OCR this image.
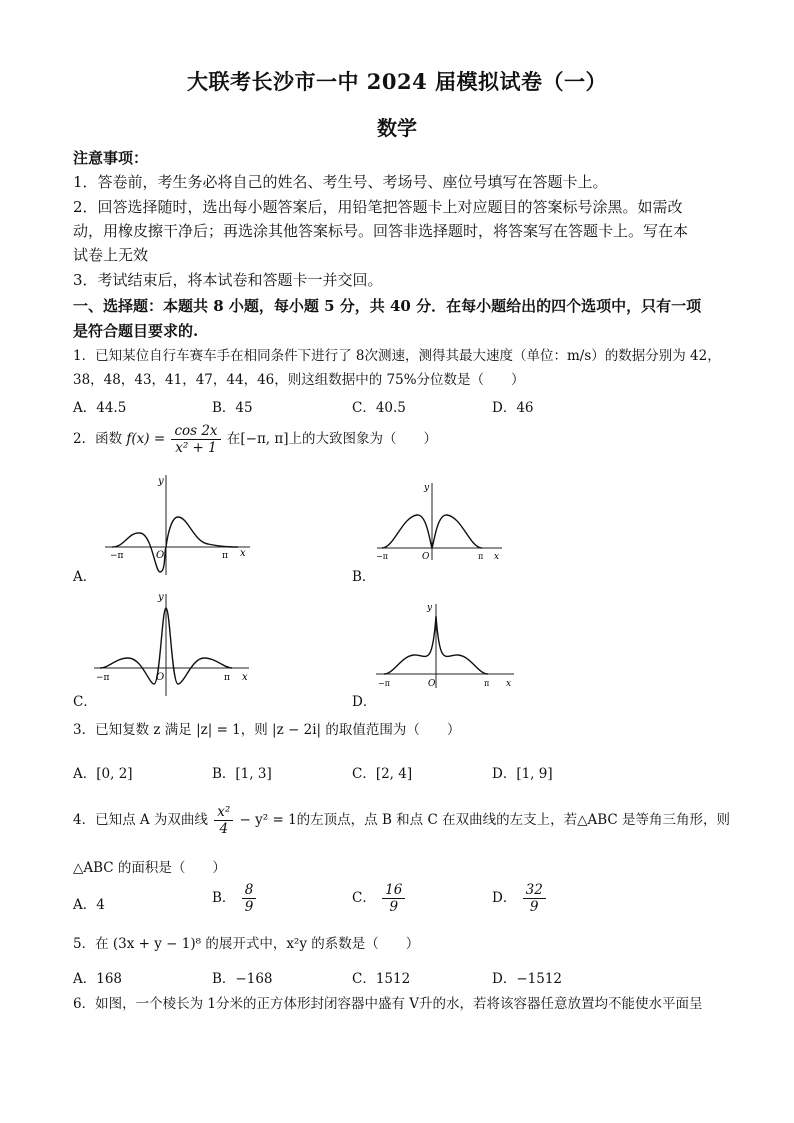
大联考长沙市一中 2024 届模拟试卷（一）
数学
注意事项：
1．答卷前，考生务必将自己的姓名、考生号、考场号、座位号填写在答题卡上。
2．回答选择随时，选出每小题答案后，用铅笔把答题卡上对应题目的答案标号涂黑。如需改
动，用橡皮擦干净后；再选涂其他答案标号。回答非选择题时，将答案写在答题卡上。写在本
试卷上无效
3．考试结束后，将本试卷和答题卡一并交回。
一、选择题：本题共 8 小题，每小题 5 分，共 40 分．在每小题给出的四个选项中，只有一项
是符合题目要求的.
1．已知某位自行车赛车手在相同条件下进行了 8次测速，测得其最大速度（单位：m/s）的数据分别为 42，
38，48，43，41，47，44，46，则这组数据中的 75%分位数是（　　）
A．44.5	B．45	C．40.5	D．46
2．函数 $f(x) = \frac{\cos 2x}{\text{x² + 1}}$ 在[−π, π]上的大致图象为（　　）
y
x
O
−π	π
A．
y
x
O
−π	π
B．
y
x
O
−π	π
C．
y
x
O
−π	π
D．
3．已知复数 z 满足 |z| = 1，则 |z − 2i| 的取值范围为（　　）
A．[0, 2]	B．[1, 3]	C．[2, 4]	D．[1, 9]
4．已知点 A 为双曲线 $\frac{\text{x²}}{4} - y^2 = 1$的左顶点，点 B 和点 C 在双曲线的左支上，若△ABC 是等角三角形，则
△ABC 的面积是（　　）
A．4	B． $\frac{8}{9}$	C． $\frac{16}{9}$	D． $\frac{32}{9}$
5．在 (3x + y − 1)⁸ 的展开式中，x²y 的系数是（　　）
A．168	B．−168	C．1512	D．−1512
6．如图，一个棱长为 1分米的正方体形封闭容器中盛有 V升的水，若将该容器任意放置均不能使水平面呈
